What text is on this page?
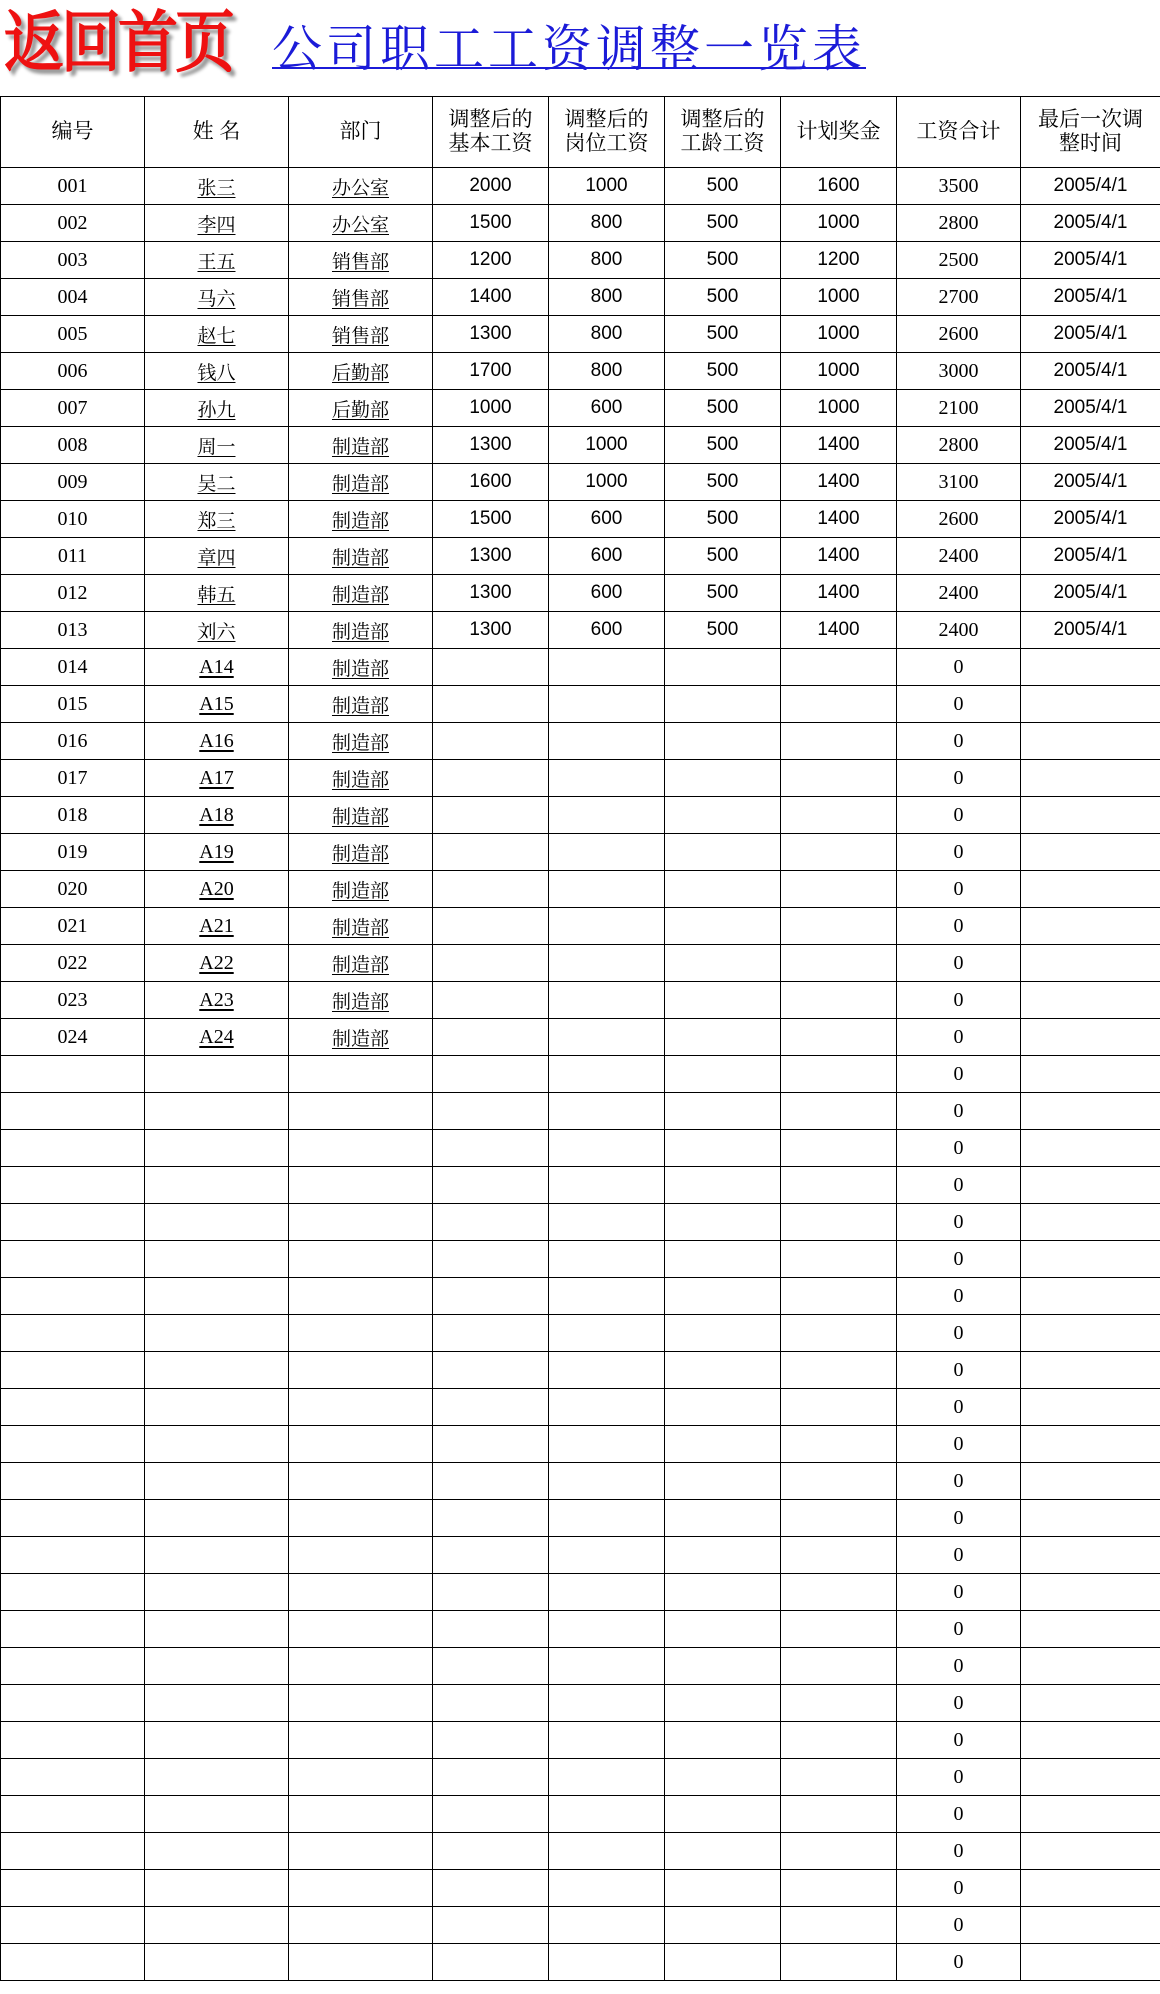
返回首页 公司职工工资调整一览表
编号	姓 名	部门	调整后的基本工资	调整后的岗位工资	调整后的工龄工资	计划奖金	工资合计	最后一次调整时间
001	张三	办公室	2000	1000	500	1600	3500	2005/4/1
002	李四	办公室	1500	800	500	1000	2800	2005/4/1
003	王五	销售部	1200	800	500	1200	2500	2005/4/1
004	马六	销售部	1400	800	500	1000	2700	2005/4/1
005	赵七	销售部	1300	800	500	1000	2600	2005/4/1
006	钱八	后勤部	1700	800	500	1000	3000	2005/4/1
007	孙九	后勤部	1000	600	500	1000	2100	2005/4/1
008	周一	制造部	1300	1000	500	1400	2800	2005/4/1
009	吴二	制造部	1600	1000	500	1400	3100	2005/4/1
010	郑三	制造部	1500	600	500	1400	2600	2005/4/1
011	章四	制造部	1300	600	500	1400	2400	2005/4/1
012	韩五	制造部	1300	600	500	1400	2400	2005/4/1
013	刘六	制造部	1300	600	500	1400	2400	2005/4/1
014	A14	制造部					0	
015	A15	制造部					0	
016	A16	制造部					0	
017	A17	制造部					0	
018	A18	制造部					0	
019	A19	制造部					0	
020	A20	制造部					0	
021	A21	制造部					0	
022	A22	制造部					0	
023	A23	制造部					0	
024	A24	制造部					0	
							0	
							0	
							0	
							0	
							0	
							0	
							0	
							0	
							0	
							0	
							0	
							0	
							0	
							0	
							0	
							0	
							0	
							0	
							0	
							0	
							0	
							0	
							0	
							0	
							0	
